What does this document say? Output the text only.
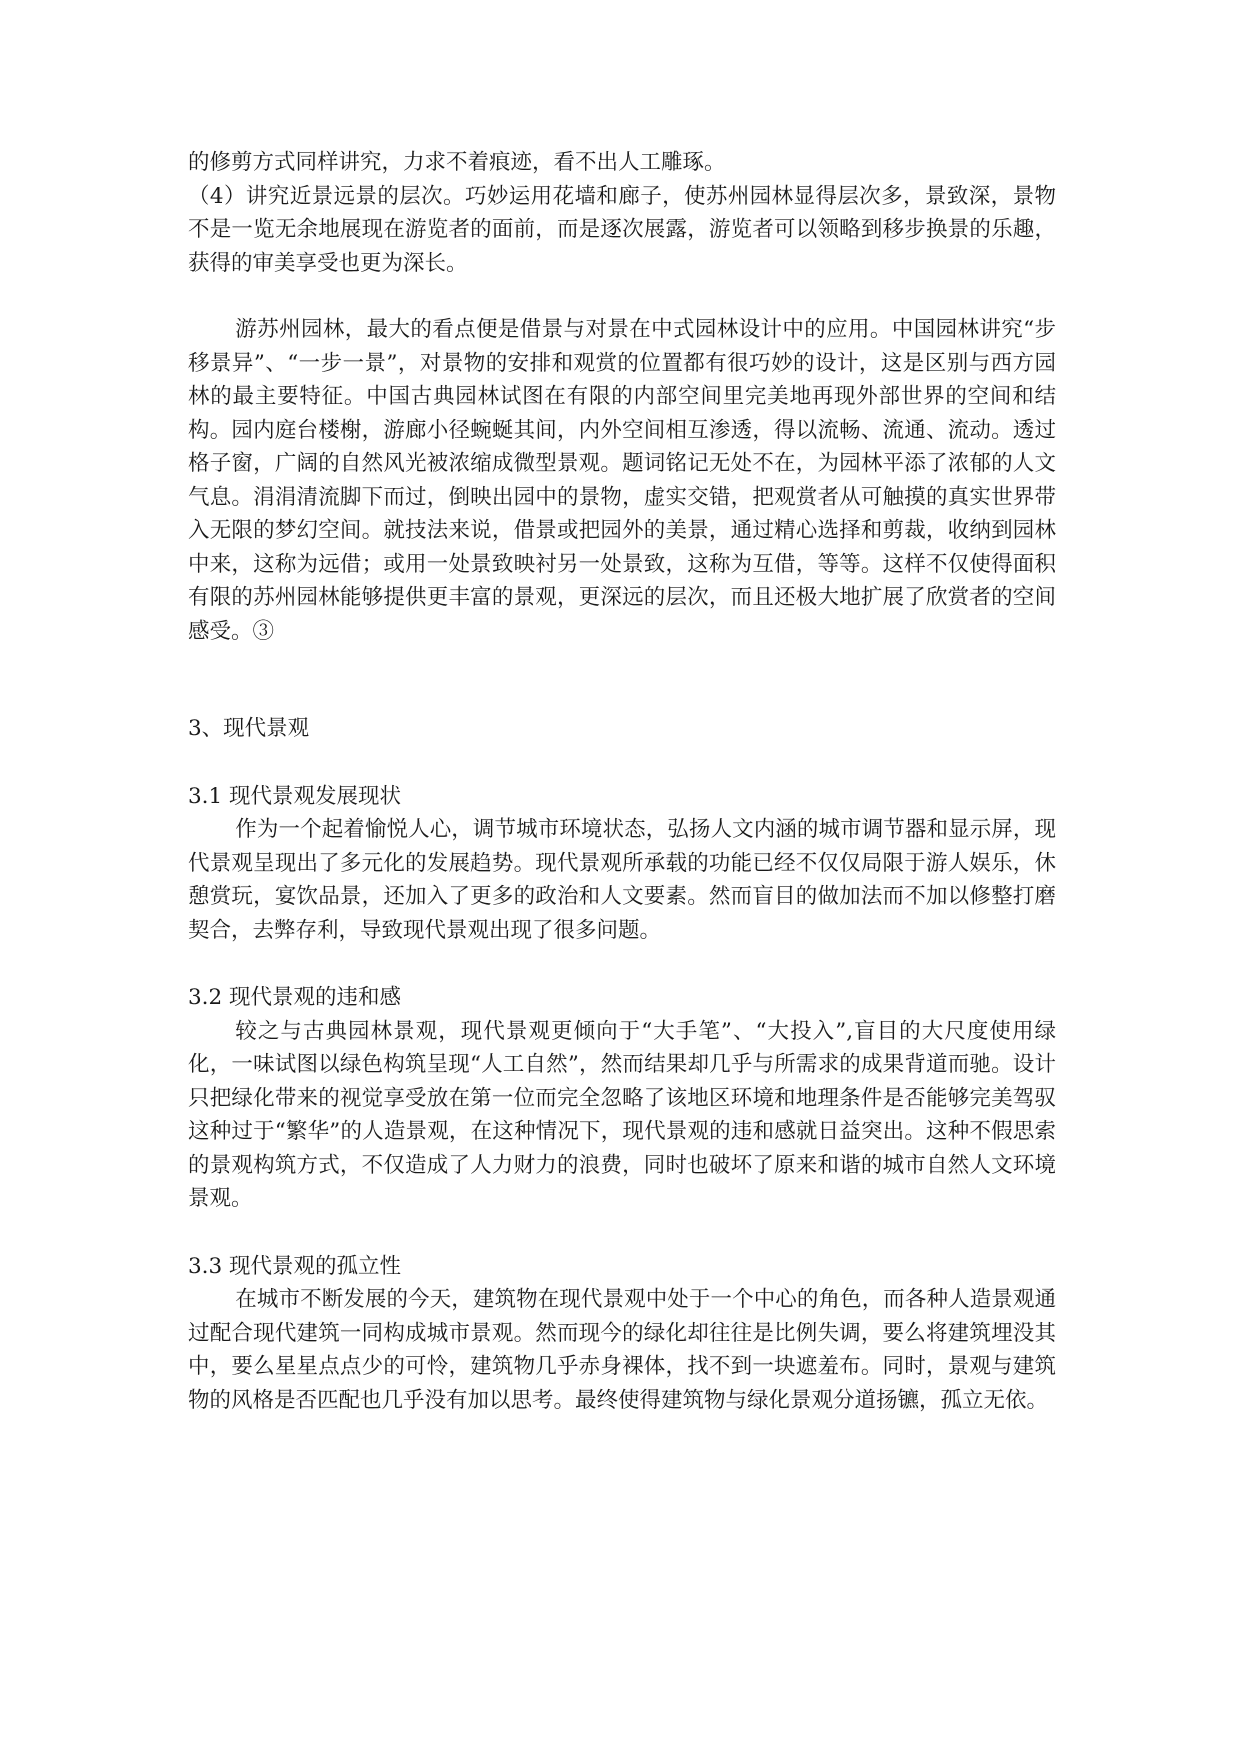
的修剪方式同样讲究，力求不着痕迹，看不出人工雕琢。

（4）讲究近景远景的层次。巧妙运用花墙和廊子，使苏州园林显得层次多，景致深，景物不是一览无余地展现在游览者的面前，而是逐次展露，游览者可以领略到移步换景的乐趣，获得的审美享受也更为深长。

游苏州园林，最大的看点便是借景与对景在中式园林设计中的应用。中国园林讲究“步移景异”、“一步一景”，对景物的安排和观赏的位置都有很巧妙的设计，这是区别与西方园林的最主要特征。中国古典园林试图在有限的内部空间里完美地再现外部世界的空间和结构。园内庭台楼榭，游廊小径蜿蜒其间，内外空间相互渗透，得以流畅、流通、流动。透过格子窗，广阔的自然风光被浓缩成微型景观。题词铭记无处不在，为园林平添了浓郁的人文气息。涓涓清流脚下而过，倒映出园中的景物，虚实交错，把观赏者从可触摸的真实世界带入无限的梦幻空间。就技法来说，借景或把园外的美景，通过精心选择和剪裁，收纳到园林中来，这称为远借；或用一处景致映衬另一处景致，这称为互借，等等。这样不仅使得面积有限的苏州园林能够提供更丰富的景观，更深远的层次，而且还极大地扩展了欣赏者的空间感受。③

3、现代景观

3.1 现代景观发展现状

作为一个起着愉悦人心，调节城市环境状态，弘扬人文内涵的城市调节器和显示屏，现代景观呈现出了多元化的发展趋势。现代景观所承载的功能已经不仅仅局限于游人娱乐，休憩赏玩，宴饮品景，还加入了更多的政治和人文要素。然而盲目的做加法而不加以修整打磨契合，去弊存利，导致现代景观出现了很多问题。

3.2 现代景观的违和感

较之与古典园林景观，现代景观更倾向于“大手笔”、“大投入”,盲目的大尺度使用绿化，一味试图以绿色构筑呈现“人工自然”，然而结果却几乎与所需求的成果背道而驰。设计只把绿化带来的视觉享受放在第一位而完全忽略了该地区环境和地理条件是否能够完美驾驭这种过于“繁华”的人造景观，在这种情况下，现代景观的违和感就日益突出。这种不假思索的景观构筑方式，不仅造成了人力财力的浪费，同时也破坏了原来和谐的城市自然人文环境景观。

3.3 现代景观的孤立性

在城市不断发展的今天，建筑物在现代景观中处于一个中心的角色，而各种人造景观通过配合现代建筑一同构成城市景观。然而现今的绿化却往往是比例失调，要么将建筑埋没其中，要么星星点点少的可怜，建筑物几乎赤身裸体，找不到一块遮羞布。同时，景观与建筑物的风格是否匹配也几乎没有加以思考。最终使得建筑物与绿化景观分道扬镳，孤立无依。
